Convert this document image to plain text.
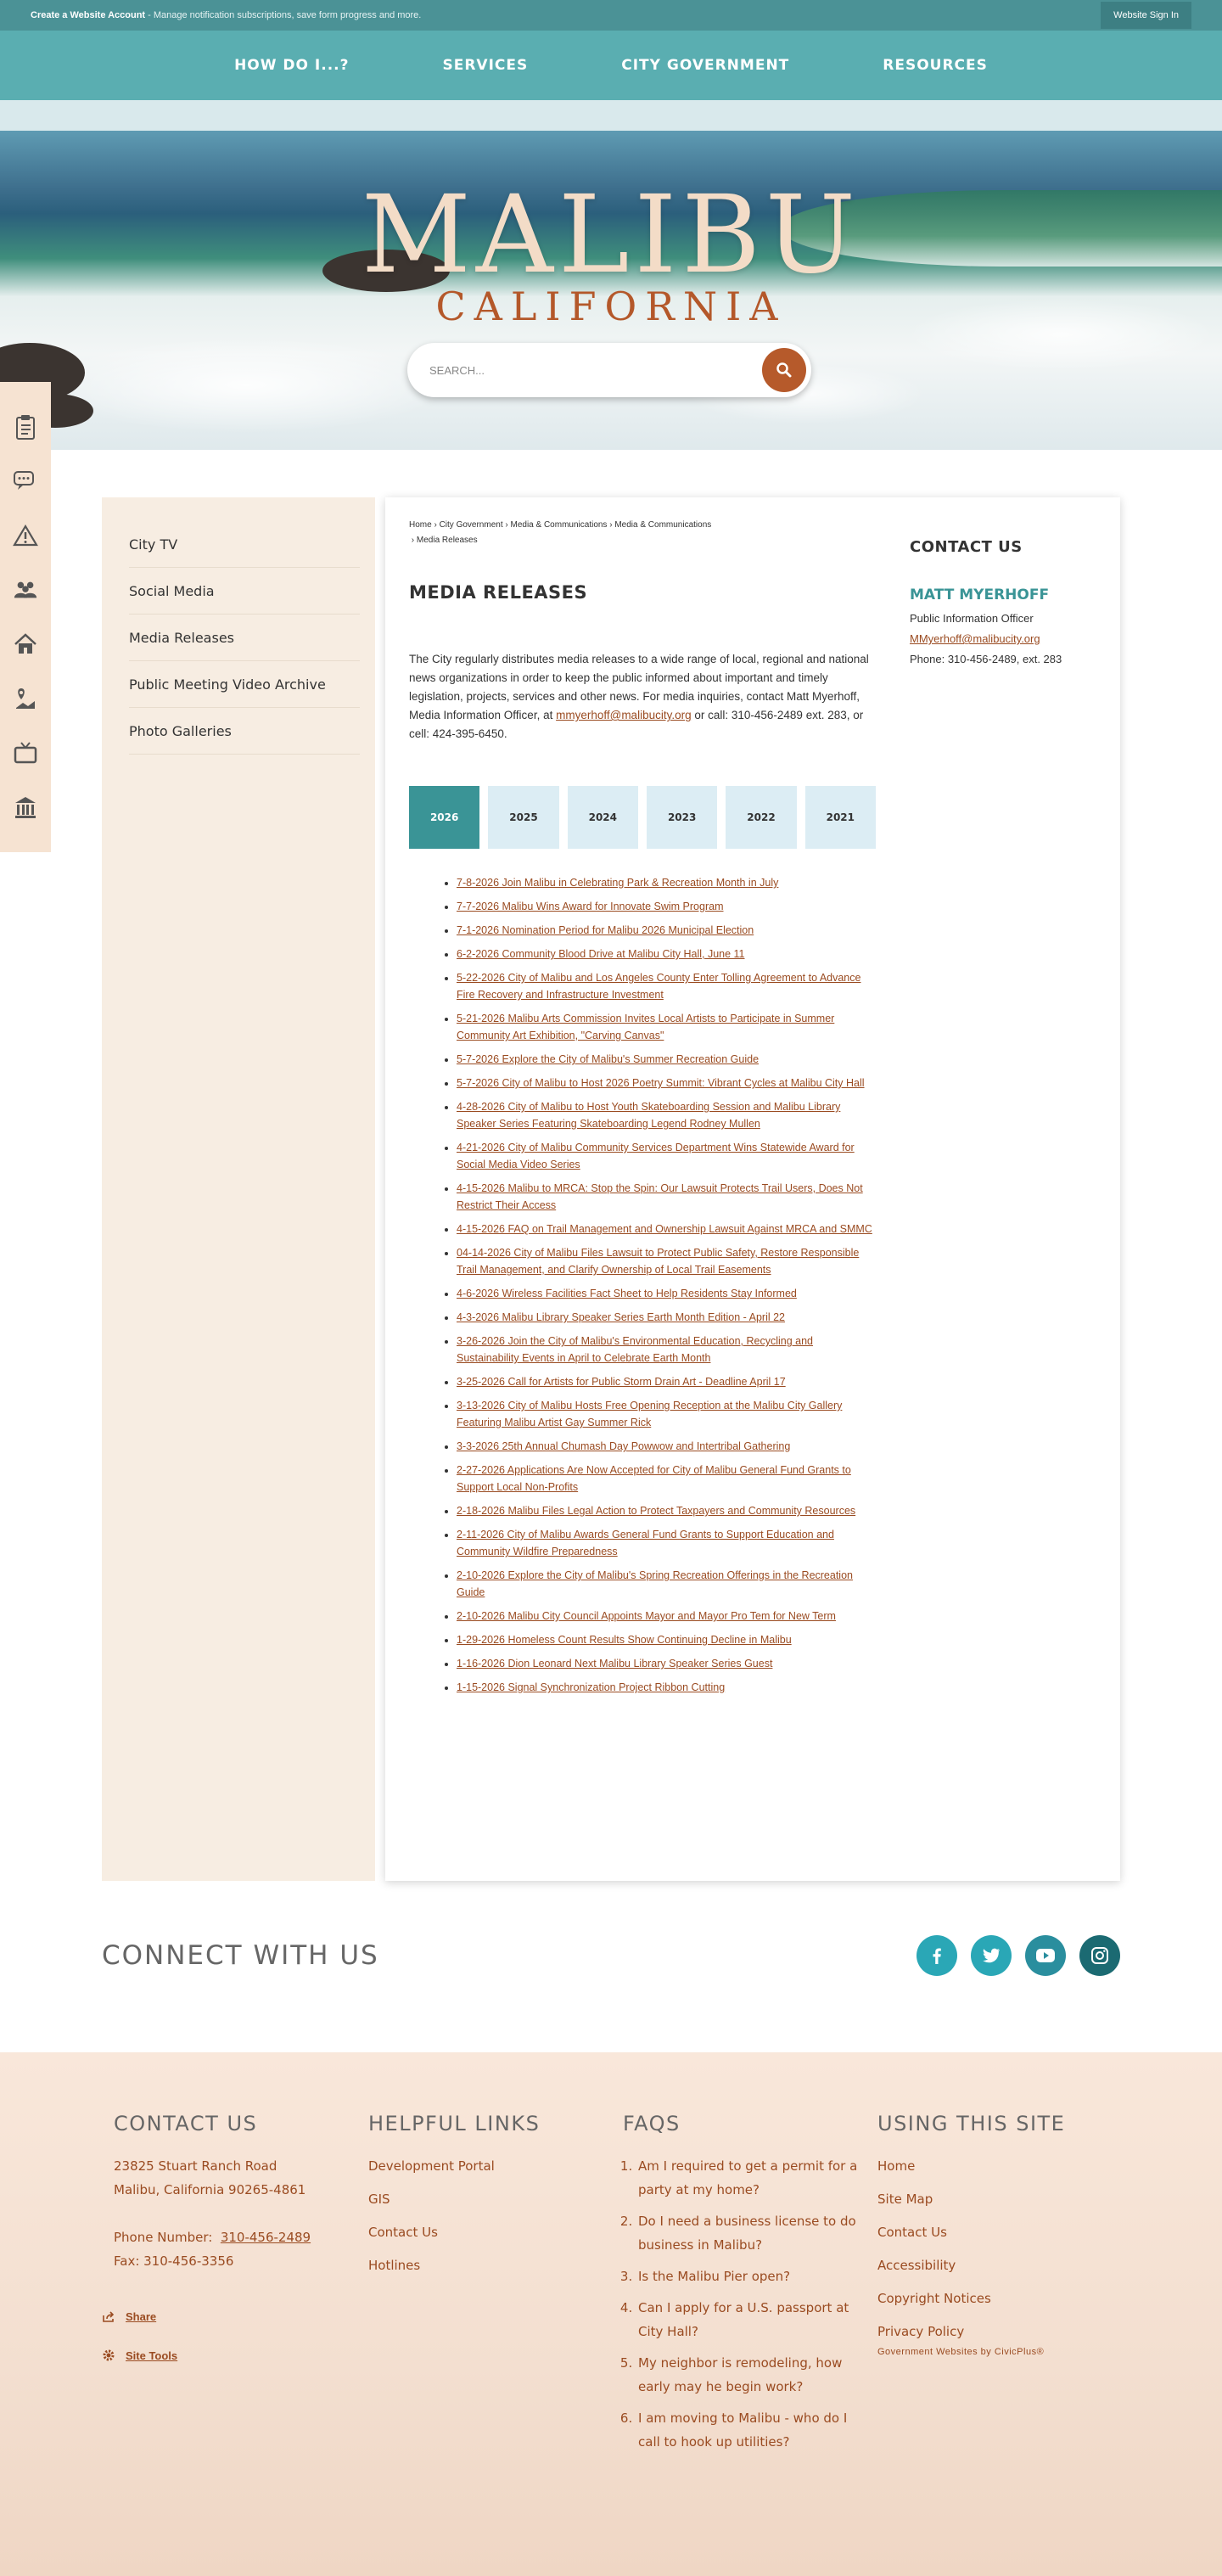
Create a Website Account - Manage notification subscriptions, save form progress and more.	Website Sign In
HOW DO I...?	SERVICES	CITY GOVERNMENT	RESOURCES
MALIBU
CALIFORNIA
SEARCH...
City TV
Social Media
Media Releases
Public Meeting Video Archive
Photo Galleries
Home › City Government › Media & Communications › Media & Communications
› Media Releases
MEDIA RELEASES

The City regularly distributes media releases to a wide range of local, regional and national news organizations in order to keep the public informed about important and timely legislation, projects, services and other news. For media inquiries, contact Matt Myerhoff, Media Information Officer, at mmyerhoff@malibucity.org or call: 310-456-2489 ext. 283, or cell: 424-395-6450.

2026	2025	2024	2023	2022	2021
• 7-8-2026 Join Malibu in Celebrating Park & Recreation Month in July
• 7-7-2026 Malibu Wins Award for Innovate Swim Program
• 7-1-2026 Nomination Period for Malibu 2026 Municipal Election
• 6-2-2026 Community Blood Drive at Malibu City Hall, June 11
• 5-22-2026 City of Malibu and Los Angeles County Enter Tolling Agreement to Advance Fire Recovery and Infrastructure Investment
• 5-21-2026 Malibu Arts Commission Invites Local Artists to Participate in Summer Community Art Exhibition, "Carving Canvas"
• 5-7-2026 Explore the City of Malibu's Summer Recreation Guide
• 5-7-2026 City of Malibu to Host 2026 Poetry Summit: Vibrant Cycles at Malibu City Hall
• 4-28-2026 City of Malibu to Host Youth Skateboarding Session and Malibu Library Speaker Series Featuring Skateboarding Legend Rodney Mullen
• 4-21-2026 City of Malibu Community Services Department Wins Statewide Award for Social Media Video Series
• 4-15-2026 Malibu to MRCA: Stop the Spin: Our Lawsuit Protects Trail Users, Does Not Restrict Their Access
• 4-15-2026 FAQ on Trail Management and Ownership Lawsuit Against MRCA and SMMC
• 04-14-2026 City of Malibu Files Lawsuit to Protect Public Safety, Restore Responsible Trail Management, and Clarify Ownership of Local Trail Easements
• 4-6-2026 Wireless Facilities Fact Sheet to Help Residents Stay Informed
• 4-3-2026 Malibu Library Speaker Series Earth Month Edition - April 22
• 3-26-2026 Join the City of Malibu's Environmental Education, Recycling and Sustainability Events in April to Celebrate Earth Month
• 3-25-2026 Call for Artists for Public Storm Drain Art - Deadline April 17
• 3-13-2026 City of Malibu Hosts Free Opening Reception at the Malibu City Gallery Featuring Malibu Artist Gay Summer Rick
• 3-3-2026 25th Annual Chumash Day Powwow and Intertribal Gathering
• 2-27-2026 Applications Are Now Accepted for City of Malibu General Fund Grants to Support Local Non-Profits
• 2-18-2026 Malibu Files Legal Action to Protect Taxpayers and Community Resources
• 2-11-2026 City of Malibu Awards General Fund Grants to Support Education and Community Wildfire Preparedness
• 2-10-2026 Explore the City of Malibu's Spring Recreation Offerings in the Recreation Guide
• 2-10-2026 Malibu City Council Appoints Mayor and Mayor Pro Tem for New Term
• 1-29-2026 Homeless Count Results Show Continuing Decline in Malibu
• 1-16-2026 Dion Leonard Next Malibu Library Speaker Series Guest
• 1-15-2026 Signal Synchronization Project Ribbon Cutting
CONTACT US
MATT MYERHOFF
Public Information Officer
MMyerhoff@malibucity.org
Phone: 310-456-2489, ext. 283
CONNECT WITH US
CONTACT US
23825 Stuart Ranch Road
Malibu, California 90265-4861
Phone Number: 310-456-2489
Fax: 310-456-3356
Share
Site Tools
HELPFUL LINKS
Development Portal
GIS
Contact Us
Hotlines
FAQS
1. Am I required to get a permit for a party at my home?
2. Do I need a business license to do business in Malibu?
3. Is the Malibu Pier open?
4. Can I apply for a U.S. passport at City Hall?
5. My neighbor is remodeling, how early may he begin work?
6. I am moving to Malibu - who do I call to hook up utilities?
USING THIS SITE
Home
Site Map
Contact Us
Accessibility
Copyright Notices
Privacy Policy
Government Websites by CivicPlus®
